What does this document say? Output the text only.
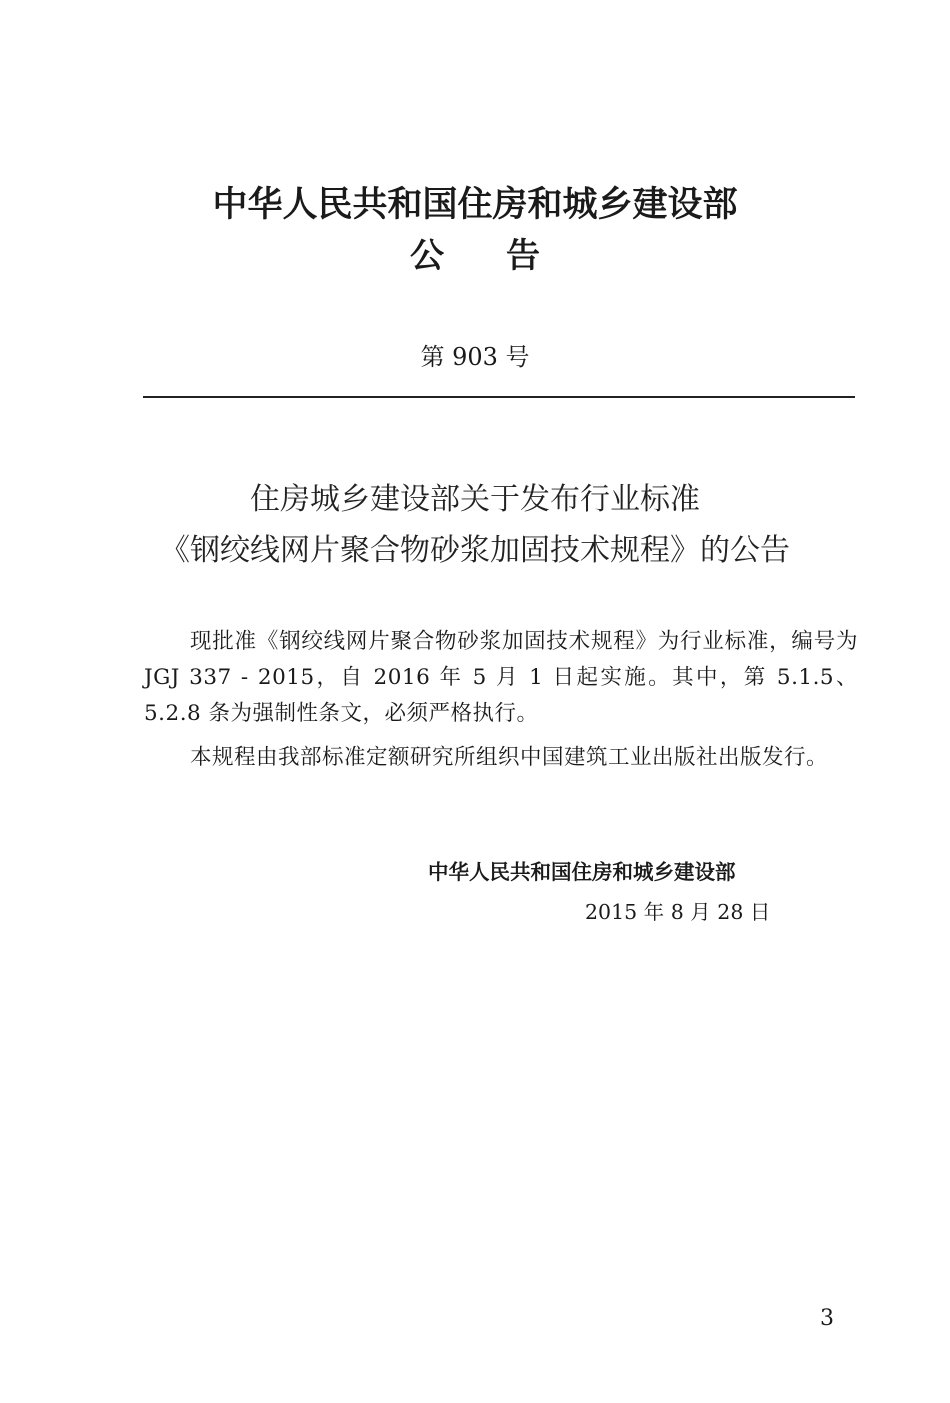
中华人民共和国住房和城乡建设部
公告
第 903 号
住房城乡建设部关于发布行业标准
《钢绞线网片聚合物砂浆加固技术规程》的公告
现批准《钢绞线网片聚合物砂浆加固技术规程》为行业标准，编号为 JGJ 337 - 2015，自 2016 年 5 月 1 日起实施。其中，第 5.1.5、5.2.8 条为强制性条文，必须严格执行。
本规程由我部标准定额研究所组织中国建筑工业出版社出版发行。
中华人民共和国住房和城乡建设部
2015 年 8 月 28 日
3
